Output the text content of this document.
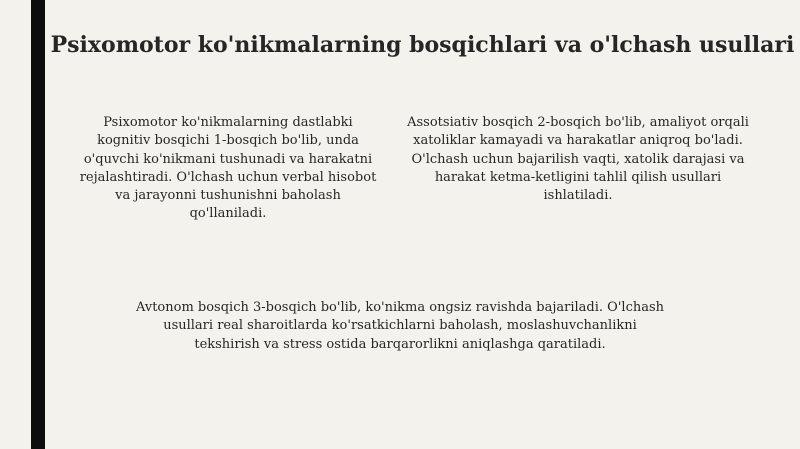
Psixomotor ko'nikmalarning bosqichlari va o'lchash usullari

Psixomotor ko'nikmalarning dastlabki kognitiv bosqichi 1-bosqich bo'lib, unda o'quvchi ko'nikmani tushunadi va harakatni rejalashtiradi. O'lchash uchun verbal hisobot va jarayonni tushunishni baholash qo'llaniladi.

Assotsiativ bosqich 2-bosqich bo'lib, amaliyot orqali xatoliklar kamayadi va harakatlar aniqroq bo'ladi. O'lchash uchun bajarilish vaqti, xatolik darajasi va harakat ketma-ketligini tahlil qilish usullari ishlatiladi.

Avtonom bosqich 3-bosqich bo'lib, ko'nikma ongsiz ravishda bajariladi. O'lchash usullari real sharoitlarda ko'rsatkichlarni baholash, moslashuvchanlikni tekshirish va stress ostida barqarorlikni aniqlashga qaratiladi.
